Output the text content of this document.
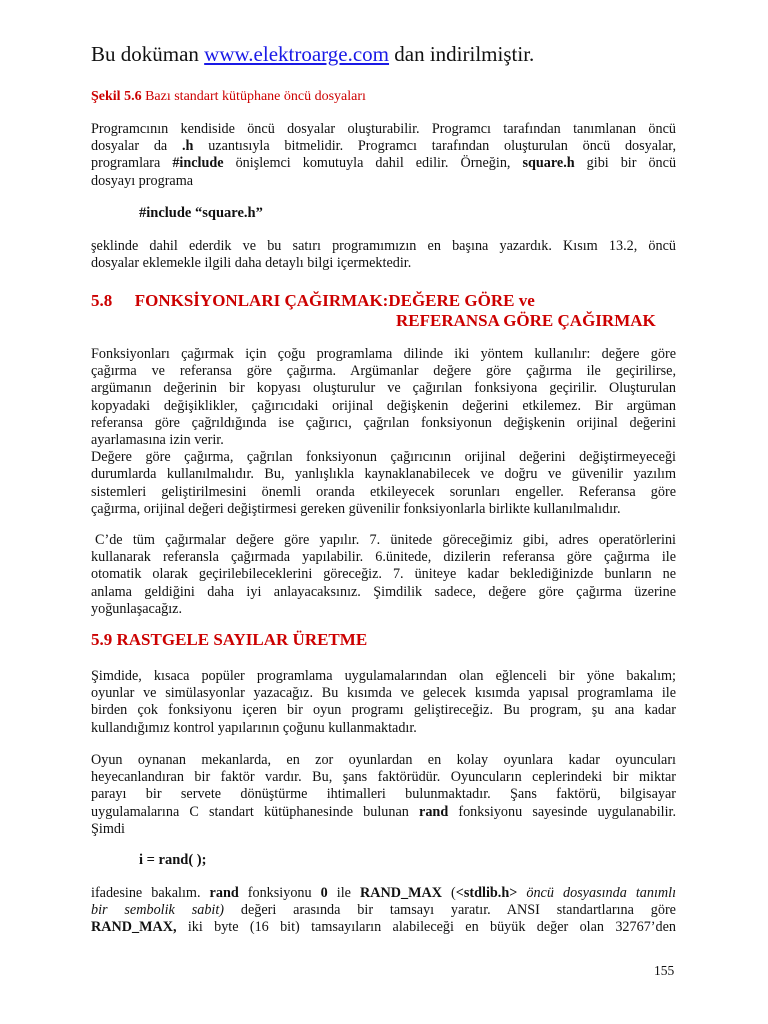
Bu doküman www.elektroarge.com dan indirilmiştir.
Şekil 5.6 Bazı standart kütüphane öncü dosyaları
Programcının kendiside öncü dosyalar oluşturabilir. Programcı tarafından tanımlanan öncü
dosyalar da .h uzantısıyla bitmelidir. Programcı tarafından oluşturulan öncü dosyalar,
programlara #include önişlemci komutuyla dahil edilir. Örneğin, square.h gibi bir öncü
dosyayı programa
#include “square.h”
şeklinde dahil ederdik ve bu satırı programımızın en başına yazardık. Kısım 13.2, öncü
dosyalar eklemekle ilgili daha detaylı bilgi içermektedir.
5.8 FONKSİYONLARI ÇAĞIRMAK:DEĞERE GÖRE ve
REFERANSA GÖRE ÇAĞIRMAK
Fonksiyonları çağırmak için çoğu programlama dilinde iki yöntem kullanılır: değere göre
çağırma ve referansa göre çağırma. Argümanlar değere göre çağırma ile geçirilirse,
argümanın değerinin bir kopyası oluşturulur ve çağırılan fonksiyona geçirilir. Oluşturulan
kopyadaki değişiklikler, çağırıcıdaki orijinal değişkenin değerini etkilemez. Bir argüman
referansa göre çağrıldığında ise çağırıcı, çağrılan fonksiyonun değişkenin orijinal değerini
ayarlamasına izin verir.
Değere göre çağırma, çağrılan fonksiyonun çağırıcının orijinal değerini değiştirmeyeceği
durumlarda kullanılmalıdır. Bu, yanlışlıkla kaynaklanabilecek ve doğru ve güvenilir yazılım
sistemleri geliştirilmesini önemli oranda etkileyecek sorunları engeller. Referansa göre
çağırma, orijinal değeri değiştirmesi gereken güvenilir fonksiyonlarla birlikte kullanılmalıdır.
C’de tüm çağırmalar değere göre yapılır. 7. ünitede göreceğimiz gibi, adres operatörlerini
kullanarak referansla çağırmada yapılabilir. 6.ünitede, dizilerin referansa göre çağırma ile
otomatik olarak geçirilebileceklerini göreceğiz. 7. üniteye kadar beklediğinizde bunların ne
anlama geldiğini daha iyi anlayacaksınız. Şimdilik sadece, değere göre çağırma üzerine
yoğunlaşacağız.
5.9 RASTGELE SAYILAR ÜRETME
Şimdide, kısaca popüler programlama uygulamalarından olan eğlenceli bir yöne bakalım;
oyunlar ve simülasyonlar yazacağız. Bu kısımda ve gelecek kısımda yapısal programlama ile
birden çok fonksiyonu içeren bir oyun programı geliştireceğiz. Bu program, şu ana kadar
kullandığımız kontrol yapılarının çoğunu kullanmaktadır.
Oyun oynanan mekanlarda, en zor oyunlardan en kolay oyunlara kadar oyuncuları
heyecanlandıran bir faktör vardır. Bu, şans faktörüdür. Oyuncuların ceplerindeki bir miktar
parayı bir servete dönüştürme ihtimalleri bulunmaktadır. Şans faktörü, bilgisayar
uygulamalarına C standart kütüphanesinde bulunan rand fonksiyonu sayesinde uygulanabilir.
Şimdi
i = rand( );
ifadesine bakalım. rand fonksiyonu 0 ile RAND_MAX (<stdlib.h> öncü dosyasında tanımlı
bir sembolik sabit) değeri arasında bir tamsayı yaratır. ANSI standartlarına göre
RAND_MAX, iki byte (16 bit) tamsayıların alabileceği en büyük değer olan 32767’den
155
